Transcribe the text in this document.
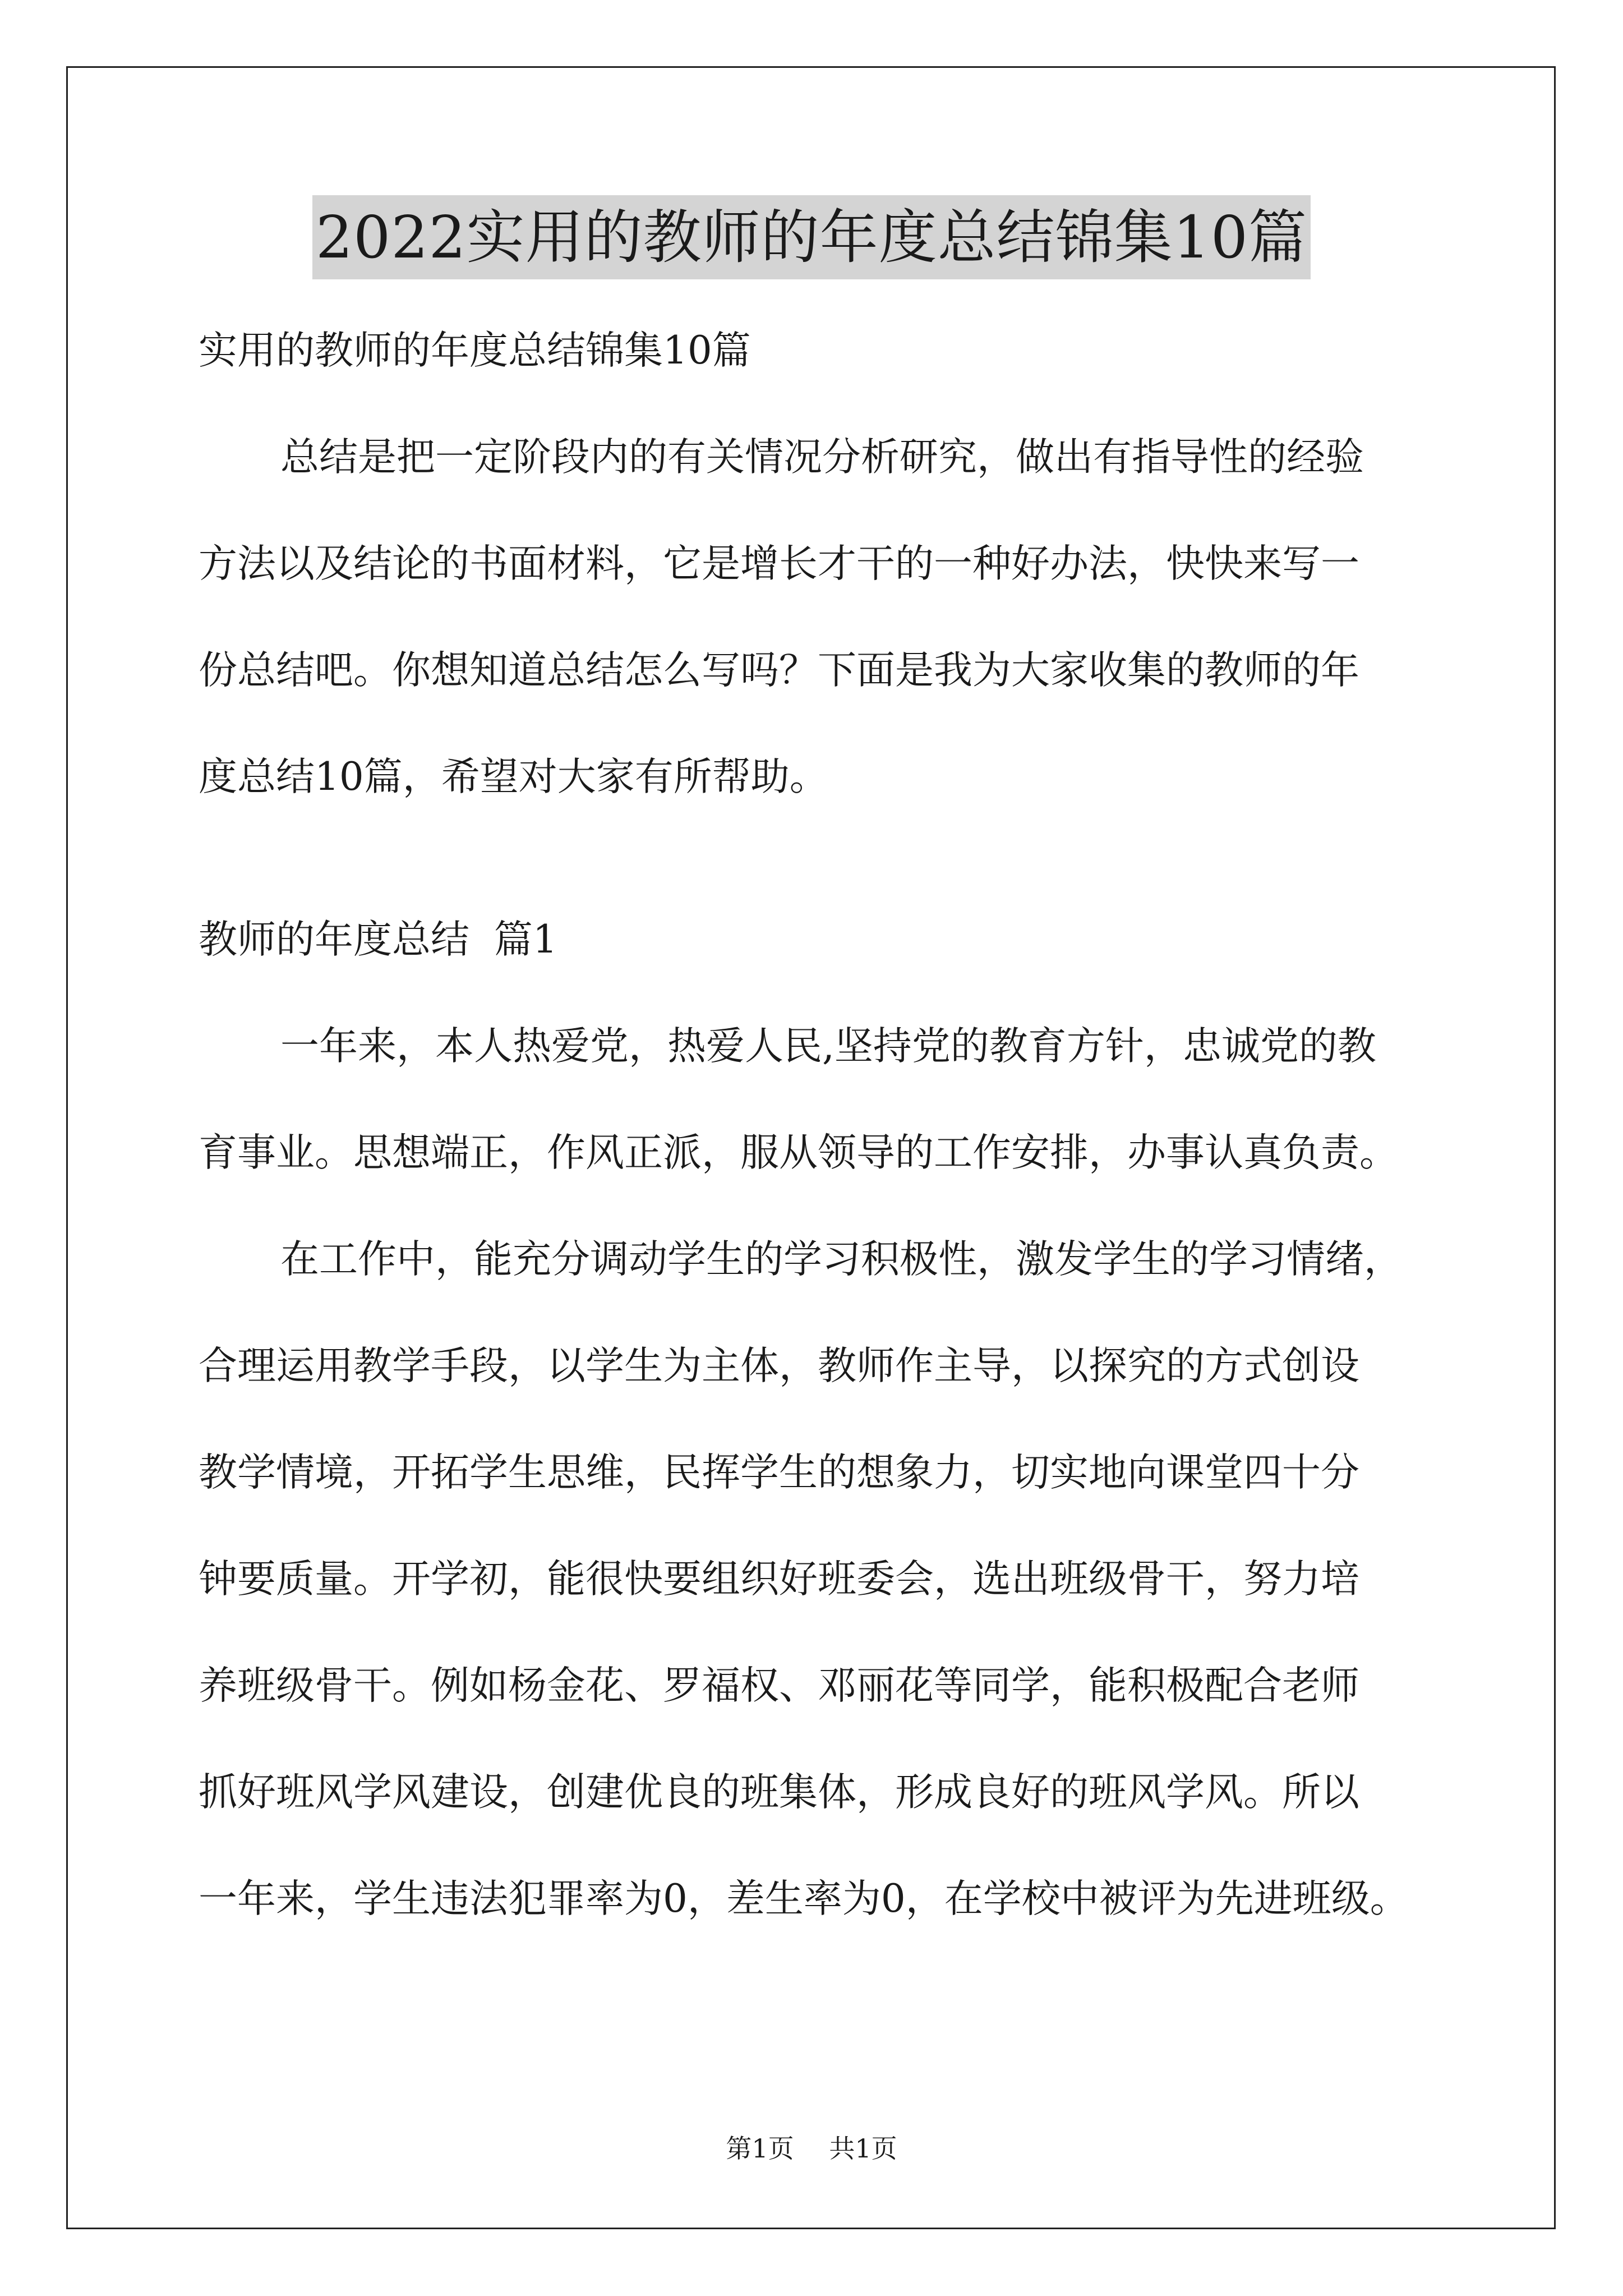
2022实用的教师的年度总结锦集10篇
实用的教师的年度总结锦集10篇
总结是把一定阶段内的有关情况分析研究，做出有指导性的经验
方法以及结论的书面材料，它是增长才干的一种好办法，快快来写一
份总结吧。你想知道总结怎么写吗？下面是我为大家收集的教师的年
度总结10篇，希望对大家有所帮助。
教师的年度总结  篇1
一年来，本人热爱党，热爱人民,坚持党的教育方针，忠诚党的教
育事业。思想端正，作风正派，服从领导的工作安排，办事认真负责。
在工作中，能充分调动学生的学习积极性，激发学生的学习情绪，
合理运用教学手段，以学生为主体，教师作主导，以探究的方式创设
教学情境，开拓学生思维，民挥学生的想象力，切实地向课堂四十分
钟要质量。开学初，能很快要组织好班委会，选出班级骨干，努力培
养班级骨干。例如杨金花、罗福权、邓丽花等同学，能积极配合老师
抓好班风学风建设，创建优良的班集体，形成良好的班风学风。所以
一年来，学生违法犯罪率为0，差生率为0，在学校中被评为先进班级。
第1页 共1页
